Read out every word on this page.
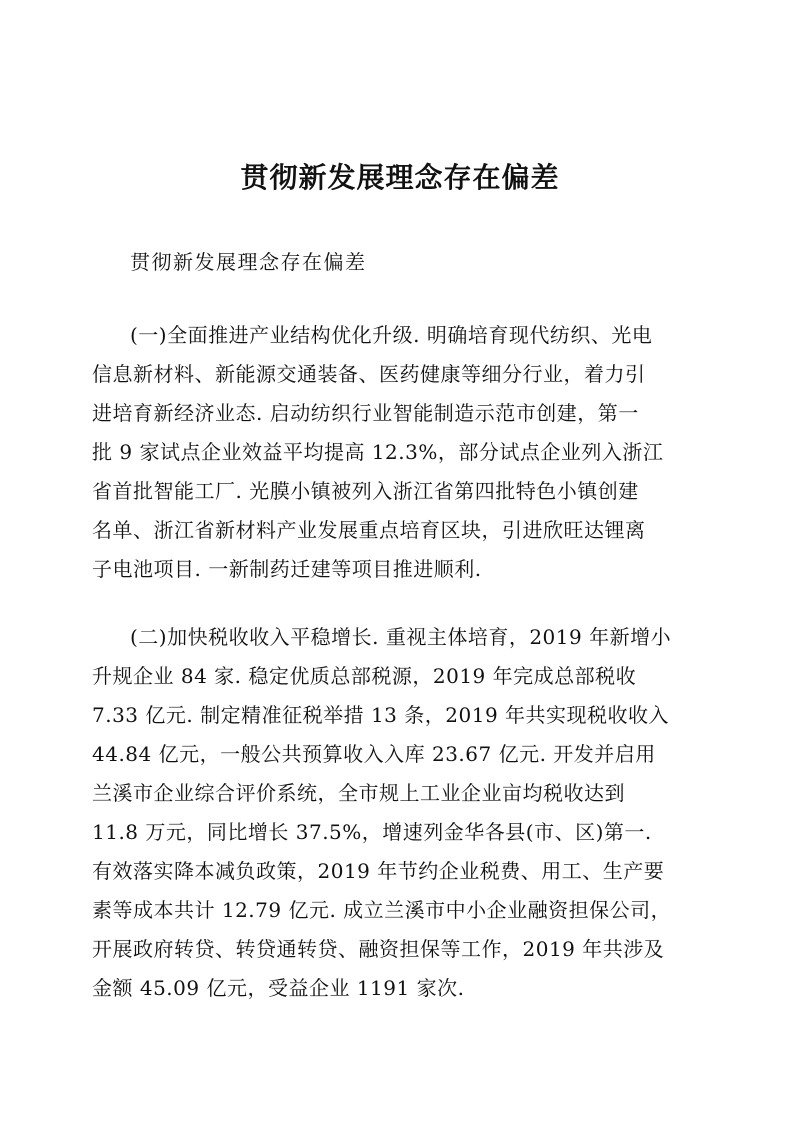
贯彻新发展理念存在偏差
贯彻新发展理念存在偏差
(一)全面推进产业结构优化升级. 明确培育现代纺织、光电
信息新材料、新能源交通装备、医药健康等细分行业，着力引
进培育新经济业态. 启动纺织行业智能制造示范市创建，第一
批 9 家试点企业效益平均提高 12.3%，部分试点企业列入浙江
省首批智能工厂. 光膜小镇被列入浙江省第四批特色小镇创建
名单、浙江省新材料产业发展重点培育区块，引进欣旺达锂离
子电池项目. 一新制药迁建等项目推进顺利.
(二)加快税收收入平稳增长. 重视主体培育，2019 年新增小
升规企业 84 家. 稳定优质总部税源，2019 年完成总部税收
7.33 亿元. 制定精准征税举措 13 条，2019 年共实现税收收入
44.84 亿元，一般公共预算收入入库 23.67 亿元. 开发并启用
兰溪市企业综合评价系统，全市规上工业企业亩均税收达到
11.8 万元，同比增长 37.5%，增速列金华各县(市、区)第一.
有效落实降本减负政策，2019 年节约企业税费、用工、生产要
素等成本共计 12.79 亿元. 成立兰溪市中小企业融资担保公司，
开展政府转贷、转贷通转贷、融资担保等工作，2019 年共涉及
金额 45.09 亿元，受益企业 1191 家次.
